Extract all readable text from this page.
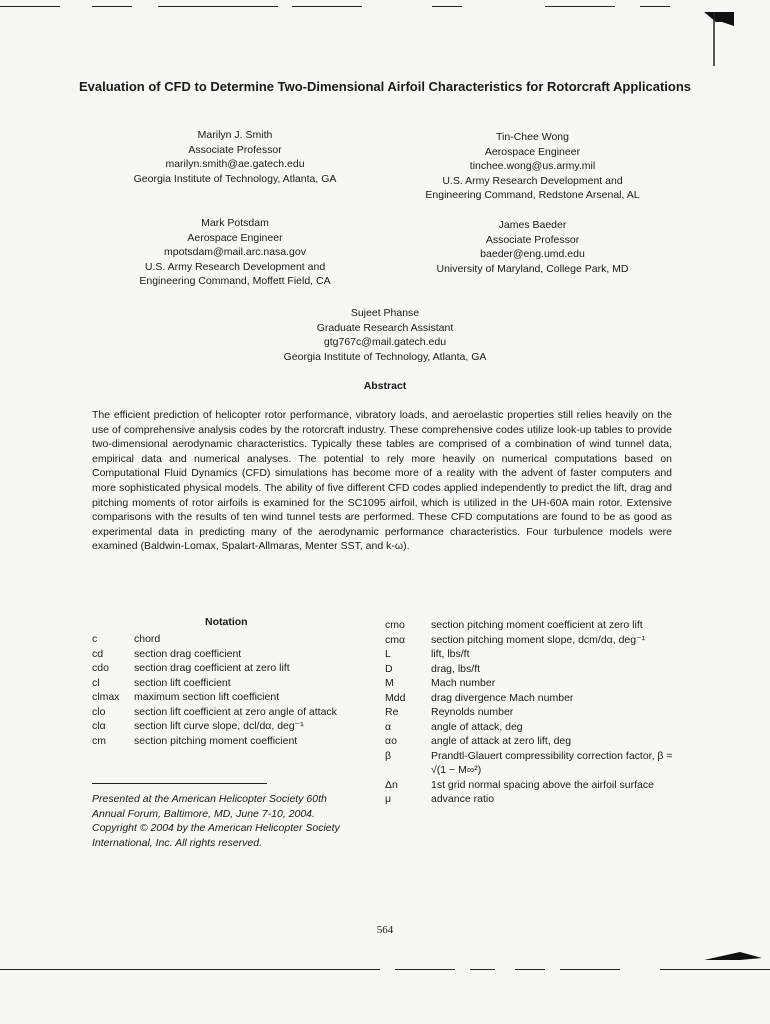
Evaluation of CFD to Determine Two-Dimensional Airfoil Characteristics for Rotorcraft Applications
Marilyn J. Smith
Associate Professor
marilyn.smith@ae.gatech.edu
Georgia Institute of Technology, Atlanta, GA
Tin-Chee Wong
Aerospace Engineer
tinchee.wong@us.army.mil
U.S. Army Research Development and
Engineering Command, Redstone Arsenal, AL
Mark Potsdam
Aerospace Engineer
mpotsdam@mail.arc.nasa.gov
U.S. Army Research Development and
Engineering Command, Moffett Field, CA
James Baeder
Associate Professor
baeder@eng.umd.edu
University of Maryland, College Park, MD
Sujeet Phanse
Graduate Research Assistant
gtg767c@mail.gatech.edu
Georgia Institute of Technology, Atlanta, GA
Abstract

The efficient prediction of helicopter rotor performance, vibratory loads, and aeroelastic properties still relies heavily on the use of comprehensive analysis codes by the rotorcraft industry. These comprehensive codes utilize look-up tables to provide two-dimensional aerodynamic characteristics. Typically these tables are comprised of a combination of wind tunnel data, empirical data and numerical analyses. The potential to rely more heavily on numerical computations based on Computational Fluid Dynamics (CFD) simulations has become more of a reality with the advent of faster computers and more sophisticated physical models. The ability of five different CFD codes applied independently to predict the lift, drag and pitching moments of rotor airfoils is examined for the SC1095 airfoil, which is utilized in the UH-60A main rotor. Extensive comparisons with the results of ten wind tunnel tests are performed. These CFD computations are found to be as good as experimental data in predicting many of the aerodynamic performance characteristics. Four turbulence models were examined (Baldwin-Lomax, Spalart-Allmaras, Menter SST, and k-ω).

Notation
c	chord
cd	section drag coefficient
cdo	section drag coefficient at zero lift
cl	section lift coefficient
clmax	maximum section lift coefficient
clo	section lift coefficient at zero angle of attack
clα	section lift curve slope, dcl/dα, deg⁻¹
cm	section pitching moment coefficient
cmo	section pitching moment coefficient at zero lift
cmα	section pitching moment slope, dcm/dα, deg⁻¹
L	lift, lbs/ft
D	drag, lbs/ft
M	Mach number
Mdd	drag divergence Mach number
Re	Reynolds number
α	angle of attack, deg
αo	angle of attack at zero lift, deg
β	Prandtl-Glauert compressibility correction factor, β = √(1 − M∞²)
Δn	1st grid normal spacing above the airfoil surface
μ	advance ratio

Presented at the American Helicopter Society 60th Annual Forum, Baltimore, MD, June 7-10, 2004. Copyright © 2004 by the American Helicopter Society International, Inc. All rights reserved.

564
